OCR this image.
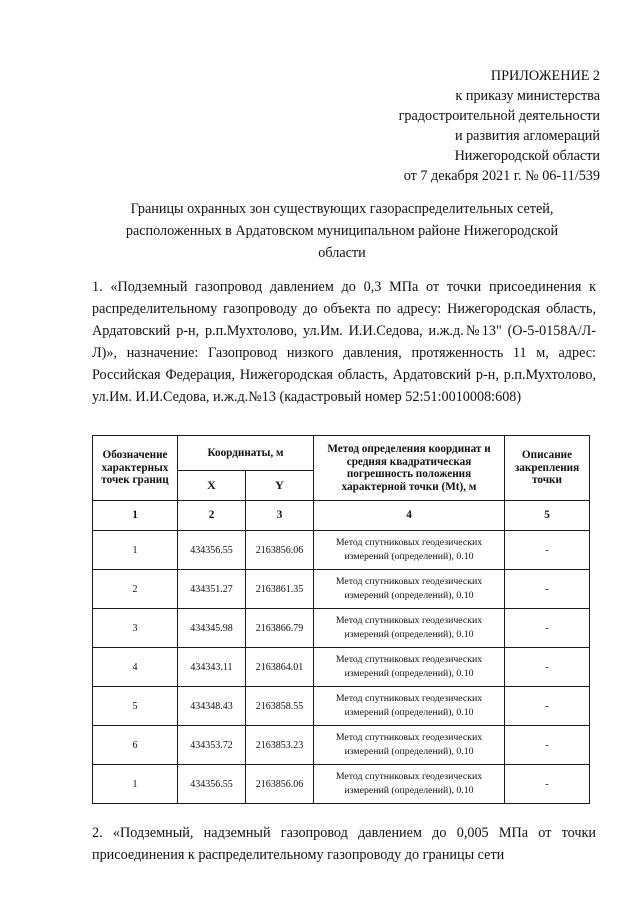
ПРИЛОЖЕНИЕ 2
к приказу министерства
градостроительной деятельности
и развития агломераций
Нижегородской области
от 7 декабря 2021 г. № 06-11/539
Границы охранных зон существующих газораспределительных сетей,
расположенных в Ардатовском муниципальном районе Нижегородской
области
1. «Подземный газопровод давлением до 0,3 МПа от точки присоединения к распределительному газопроводу до объекта по адресу: Нижегородская область, Ардатовский р-н, р.п.Мухтолово, ул.Им. И.И.Седова, и.ж.д.№13" (О-5-0158А/Л-Л)», назначение: Газопровод низкого давления, протяженность 11 м, адрес: Российская Федерация, Нижегородская область, Ардатовский р-н, р.п.Мухтолово, ул.Им. И.И.Седова, и.ж.д.№13 (кадастровый номер 52:51:0010008:608)
Обозначение характерных точек границ	Координаты, м		Метод определения координат и средняя квадратическая погрешность положения характерной точки (Mt), м	Описание закрепления точки
	X	Y		
1	2	3	4	5
1	434356.55	2163856.06	Метод спутниковых геодезических измерений (определений), 0.10	-
2	434351.27	2163861.35	Метод спутниковых геодезических измерений (определений), 0.10	-
3	434345.98	2163866.79	Метод спутниковых геодезических измерений (определений), 0.10	-
4	434343.11	2163864.01	Метод спутниковых геодезических измерений (определений), 0.10	-
5	434348.43	2163858.55	Метод спутниковых геодезических измерений (определений), 0.10	-
6	434353.72	2163853.23	Метод спутниковых геодезических измерений (определений), 0.10	-
1	434356.55	2163856.06	Метод спутниковых геодезических измерений (определений), 0.10	-
2. «Подземный, надземный газопровод давлением до 0,005 МПа от точки присоединения к распределительному газопроводу до границы сети
